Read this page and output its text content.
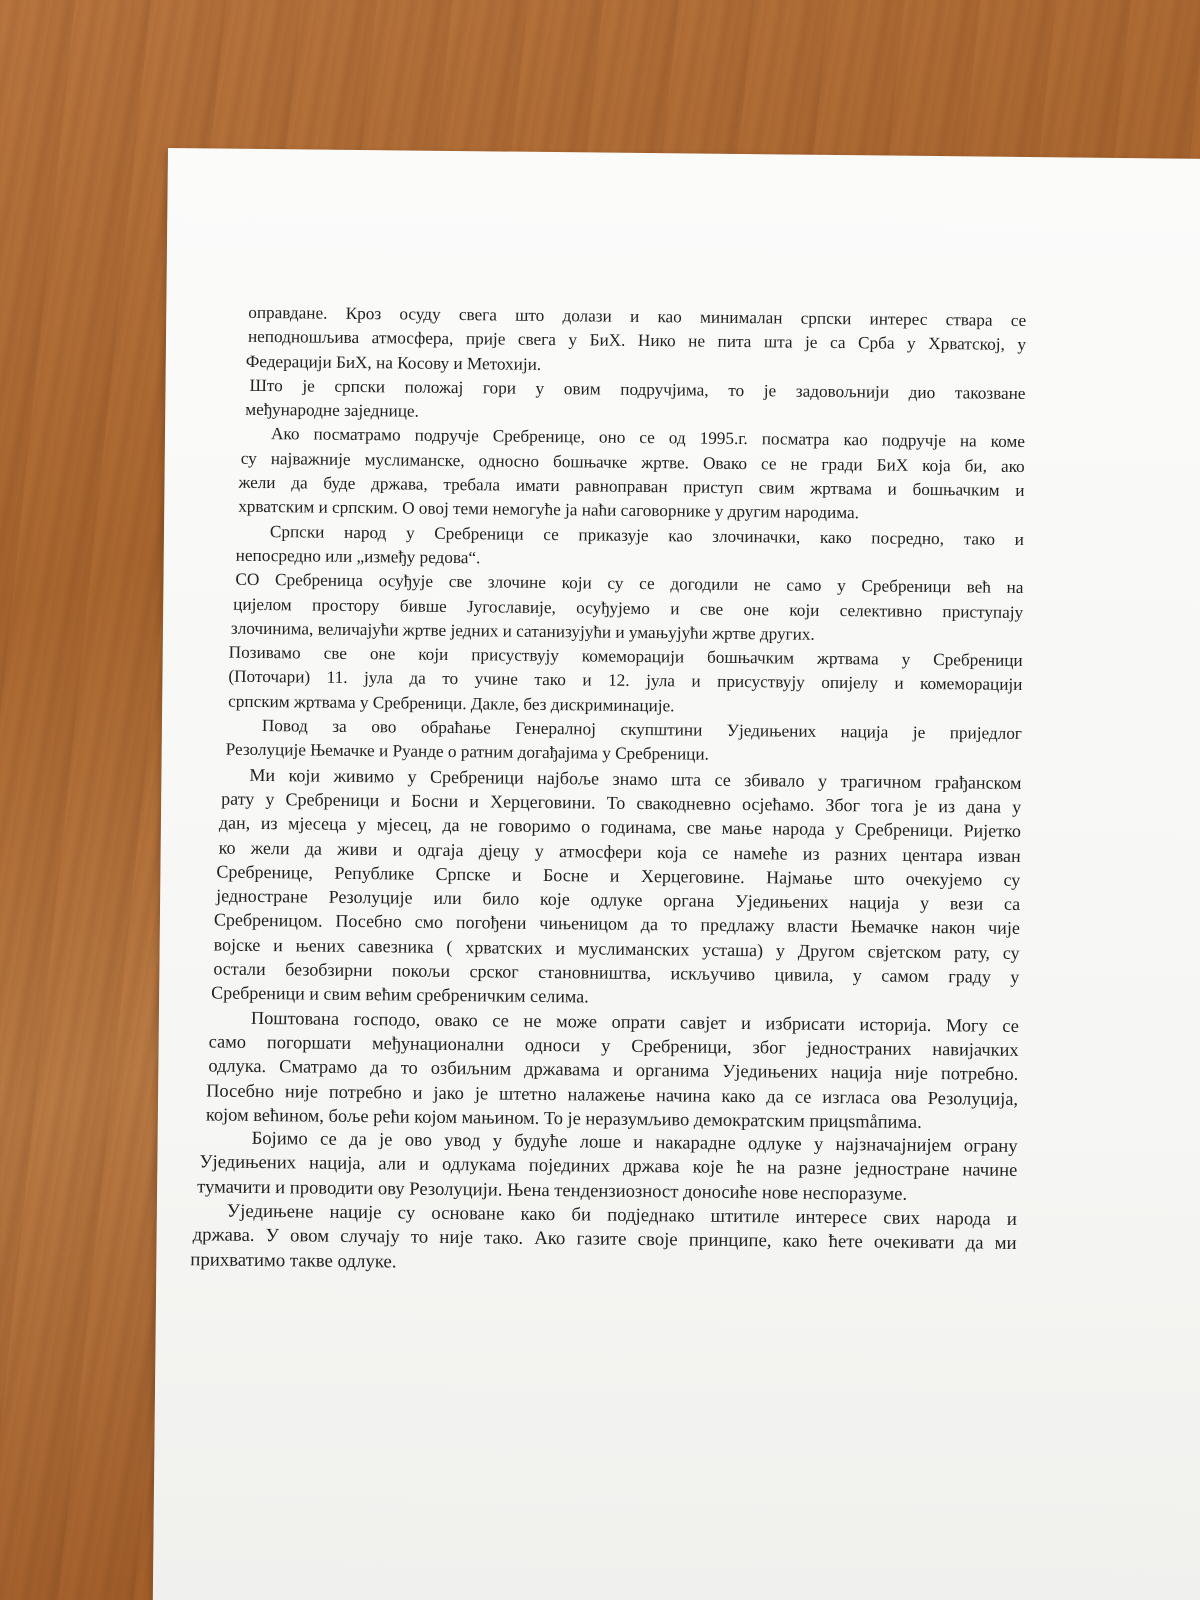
оправдане. Кроз осуду свега што долази и као минималан српски интерес ствара се
неподношљива атмосфера, прије свега у БиХ. Нико не пита шта је са Срба у Хрватској, у
Федерацији БиХ, на Косову и Метохији.
Што је српски положај гори у овим подручјима, то је задовољнији дио такозване
међународне заједнице.
Ако посматрамо подручје Сребренице, оно се од 1995.г. посматра као подручје на коме
су најважније муслиманске, односно бошњачке жртве. Овако се не гради БиХ која би, ако
жели да буде држава, требала имати равноправан приступ свим жртвама и бошњачким и
хрватским и српским. О овој теми немогуће ја наћи саговорнике у другим народима.
Српски народ у Сребреници се приказује као злочиначки, како посредно, тако и
непосредно или „између редова“.
СО Сребреница осуђује све злочине који су се догодили не само у Сребреници већ на
цијелом простору бивше Југославије, осуђујемо и све оне који селективно приступају
злочинима, величајући жртве једних и сатанизујући и умањујући жртве других.
Позивамо све оне који присуствују комеморацији бошњачким жртвама у Сребреници
(Поточари) 11. јула да то учине тако и 12. јула и присуствују опијелу и комеморацији
српским жртвама у Сребреници. Дакле, без дискриминације.
Повод за ово обраћање Генералној скупштини Уједињених нација је приједлог
Резолуције Њемачке и Руанде о ратним догађајима у Сребреници.
Ми који живимо у Сребреници најбоље знамо шта се збивало у трагичном грађанском
рату у Сребреници и Босни и Херцеговини. То свакодневно осјећамо. Због тога је из дана у
дан, из мјесеца у мјесец, да не говоримо о годинама, све мање народа у Сребреници. Ријетко
ко жели да живи и одгаја дјецу у атмосфери која се намеће из разних центара изван
Сребренице, Републике Српске и Босне и Херцеговине. Најмање што очекујемо су
једностране Резолуције или било које одлуке органа Уједињених нација у вези са
Сребреницом. Посебно смо погођени чињеницом да то предлажу власти Њемачке након чије
војске и њених савезника ( хрватских и муслиманских усташа) у Другом свјетском рату, су
остали безобзирни покољи срског становништва, искључиво цивила, у самом граду у
Сребреници и свим већим сребреничким селима.
Поштована господо, овако се не може опрати савјет и избрисати историја. Могу се
само погоршати међунационални односи у Сребреници, због једностраних навијачких
одлука. Сматрамо да то озбиљним државама и органима Уједињених нација није потребно.
Посебно није потребно и јако је штетно налажење начина како да се изгласа ова Резолуција,
којом већином, боље рећи којом мањином. То је неразумљиво демократским прицsmåпима.
Бојимо се да је ово увод у будуће лоше и накарадне одлуке у најзначајнијем ограну
Уједињених нација, али и одлукама појединих држава које ће на разне једностране начине
тумачити и проводити ову Резолуцији. Њена тендензиозност доносиће нове неспоразуме.
Уједињене нације су основане како би подједнако штитиле интересе свих народа и
држава. У овом случају то није тако. Ако газите своје принципе, како ћете очекивати да ми
прихватимо такве одлуке.
